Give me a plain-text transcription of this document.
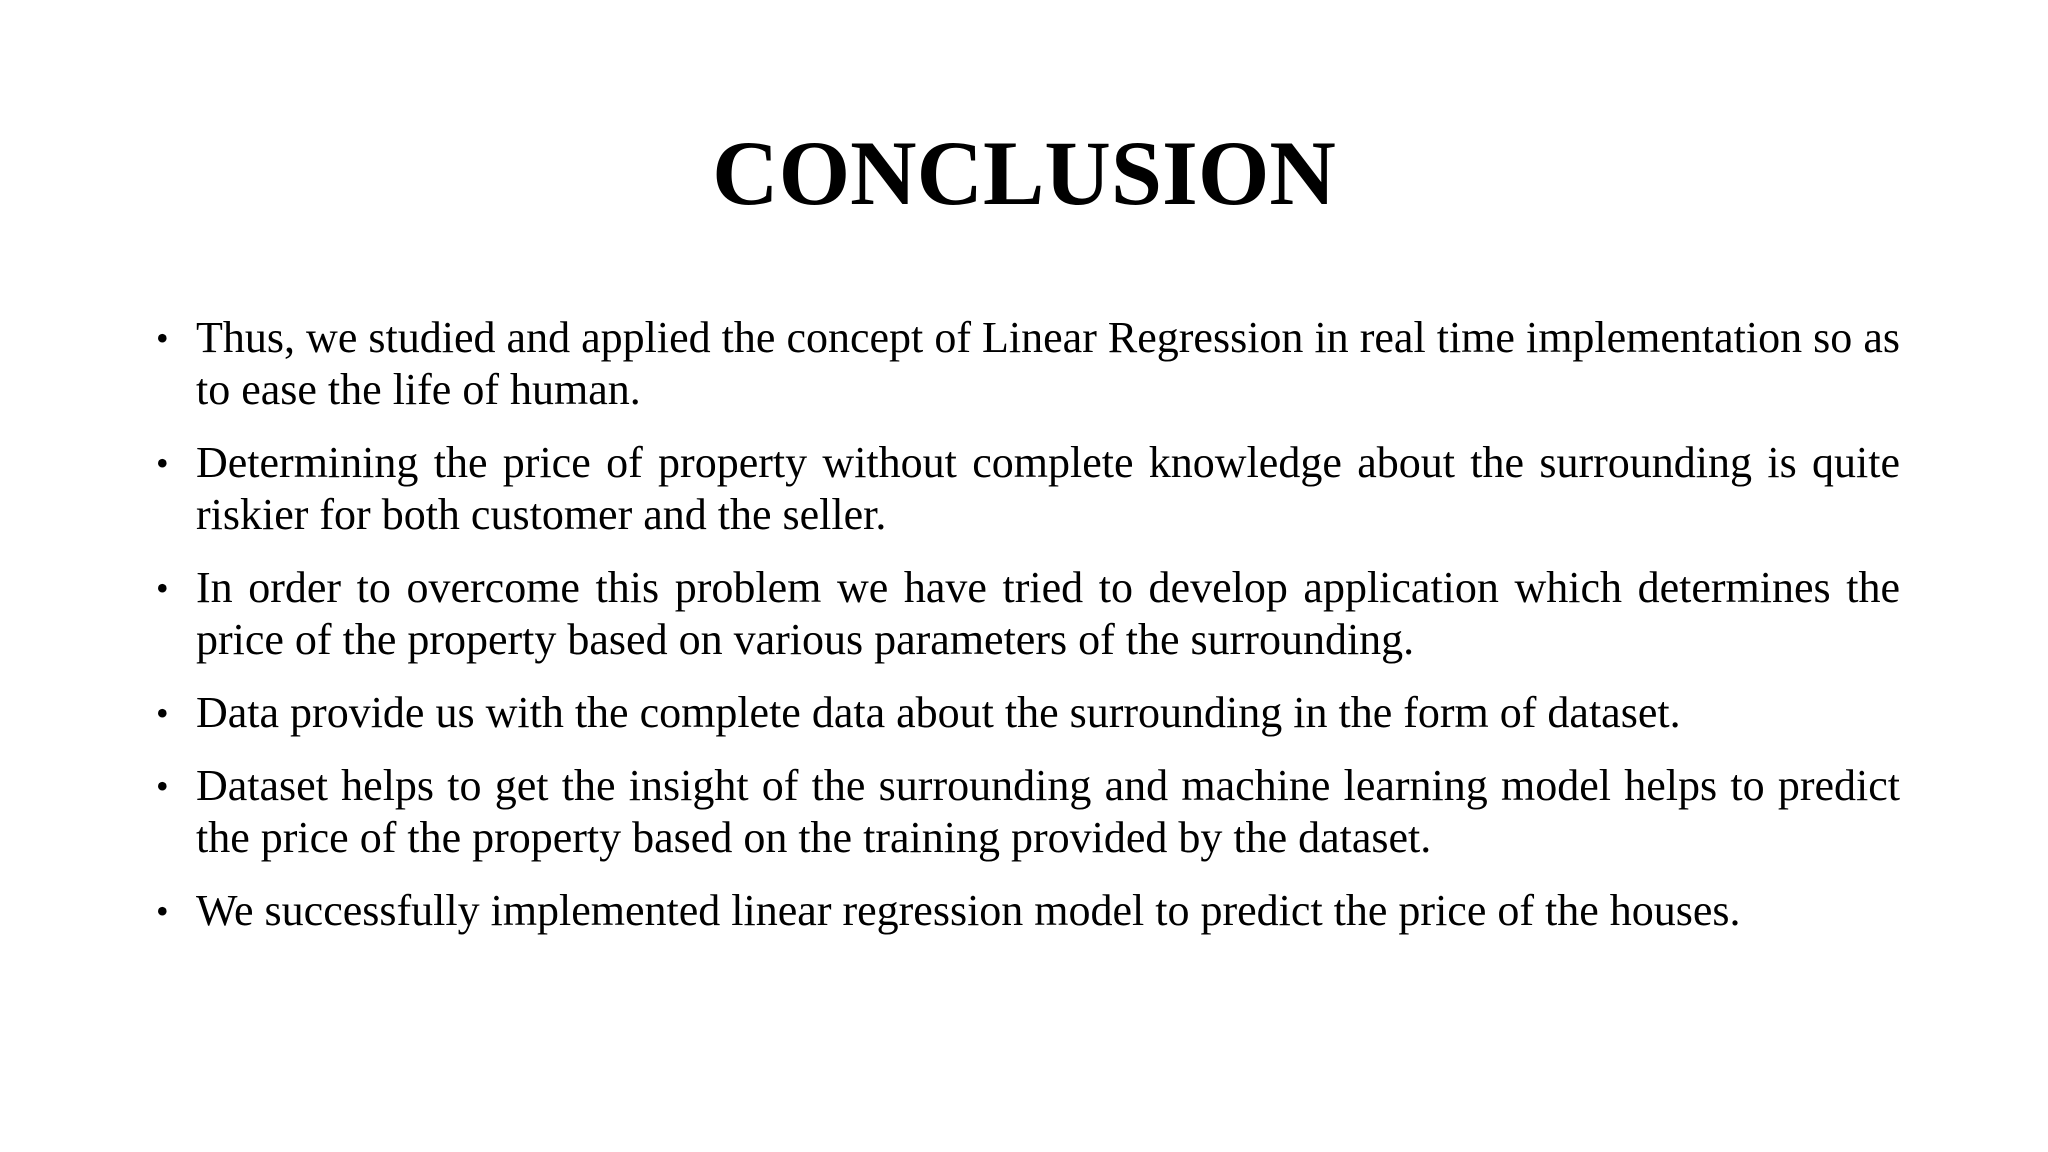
CONCLUSION
• Thus, we studied and applied the concept of Linear Regression in real time implementation so as to ease the life of human.
• Determining the price of property without complete knowledge about the surrounding is quite riskier for both customer and the seller.
• In order to overcome this problem we have tried to develop application which determines the price of the property based on various parameters of the surrounding.
• Data provide us with the complete data about the surrounding in the form of dataset.
• Dataset helps to get the insight of the surrounding and machine learning model helps to predict the price of the property based on the training provided by the dataset.
• We successfully implemented linear regression model to predict the price of the houses.
